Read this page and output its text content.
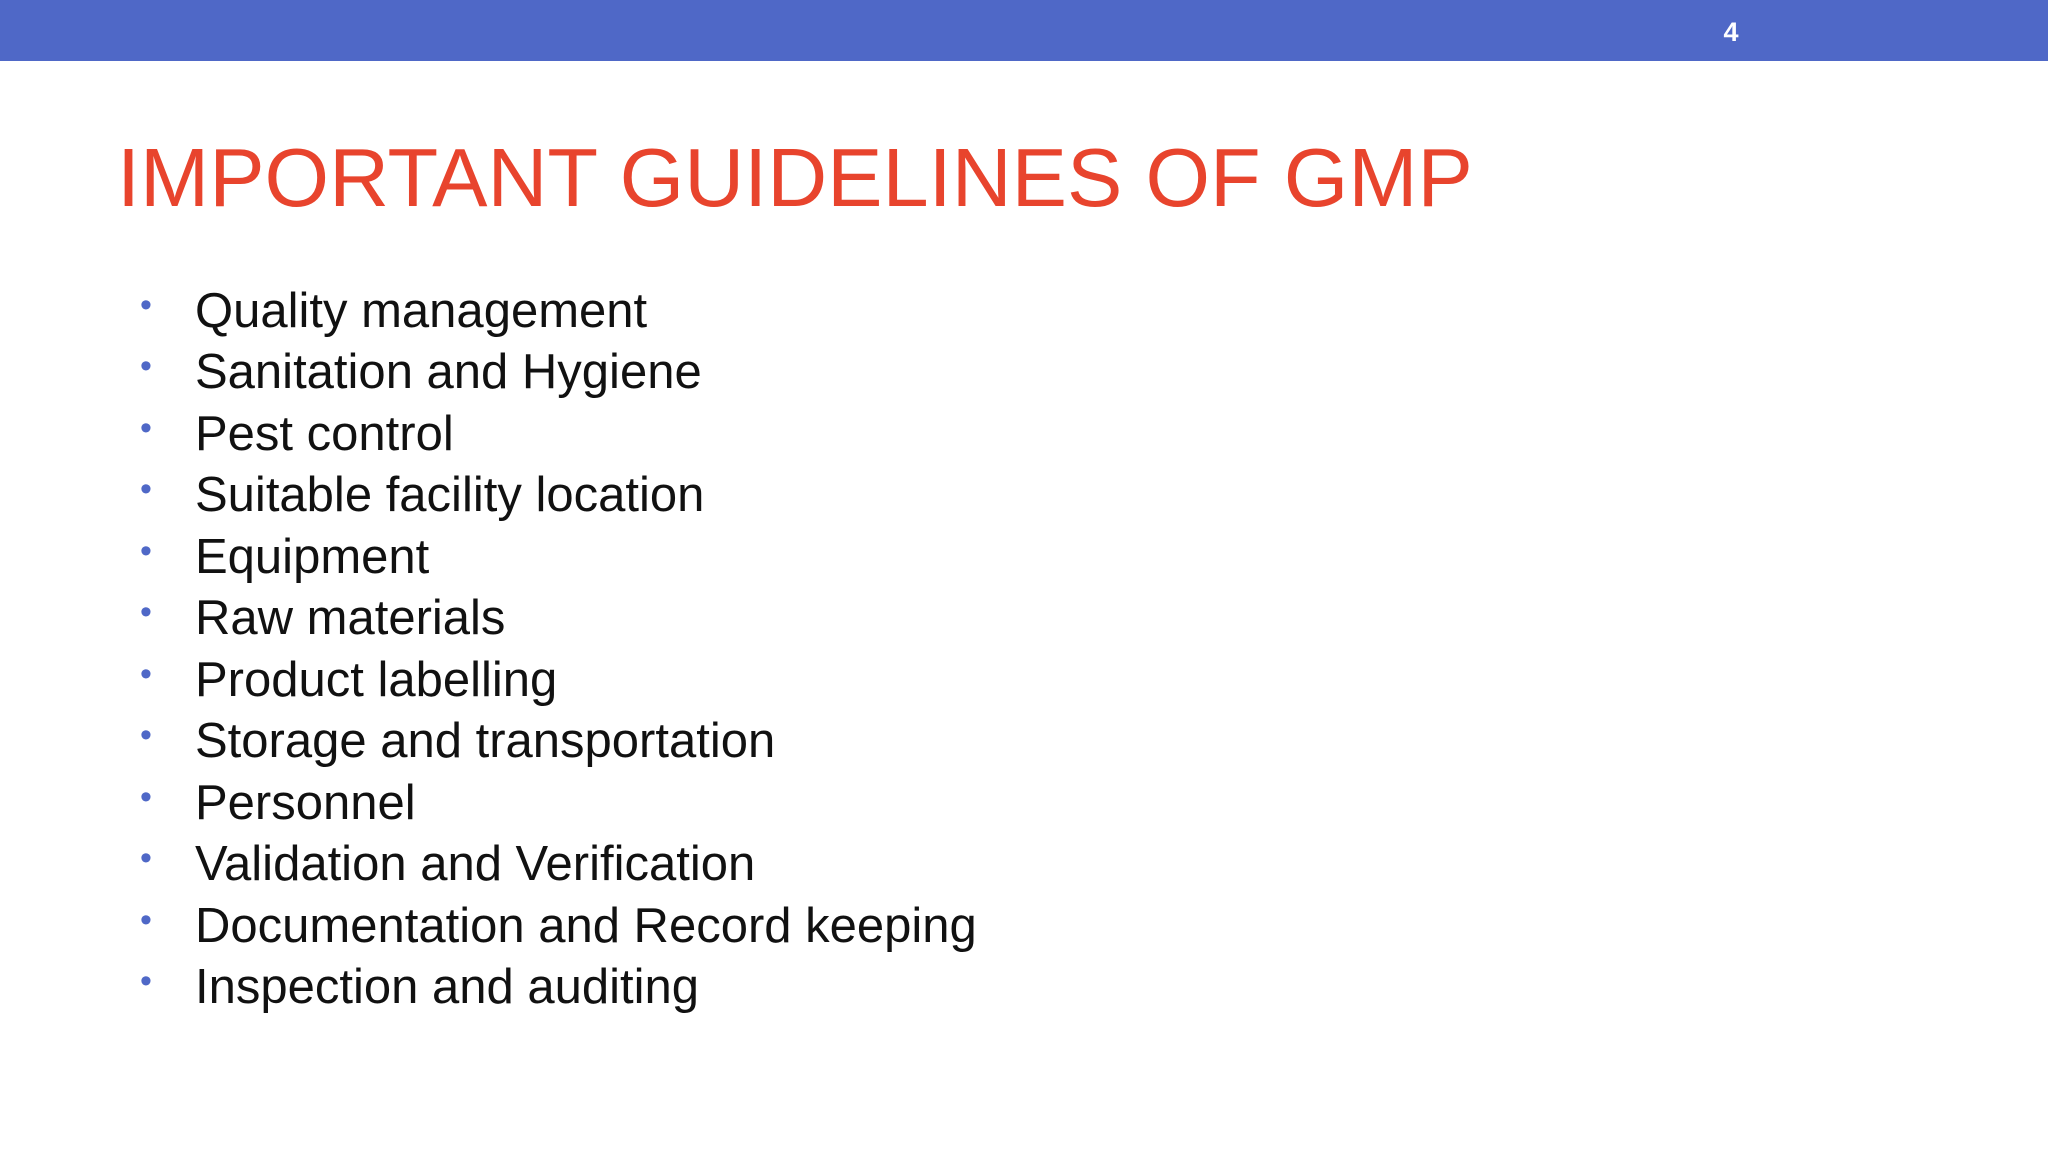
4
IMPORTANT GUIDELINES OF GMP
• Quality management
• Sanitation and Hygiene
• Pest control
• Suitable facility location
• Equipment
• Raw materials
• Product labelling
• Storage and transportation
• Personnel
• Validation and Verification
• Documentation and Record keeping
• Inspection and auditing
